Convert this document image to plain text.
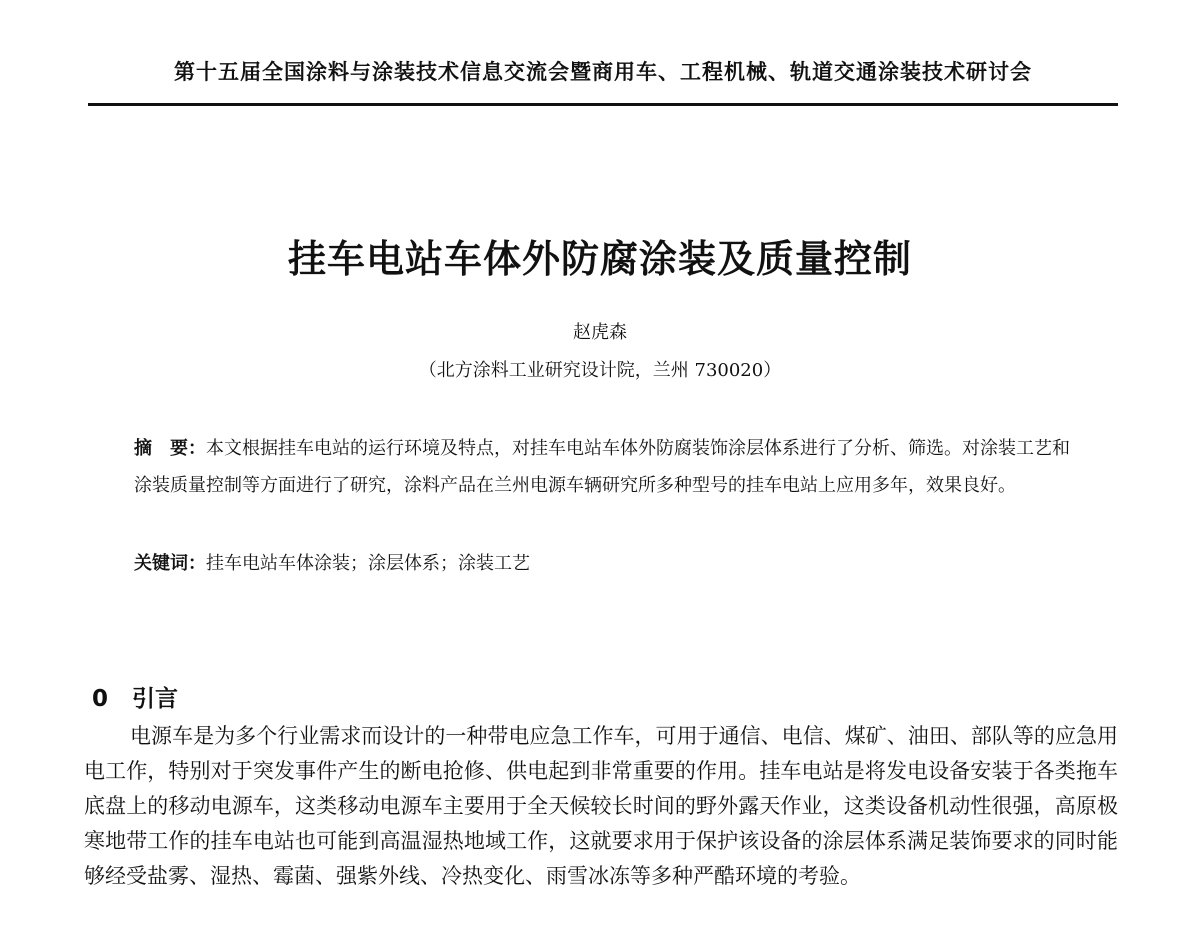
第十五届全国涂料与涂装技术信息交流会暨商用车、工程机械、轨道交通涂装技术研讨会
挂车电站车体外防腐涂装及质量控制
赵虎森
（北方涂料工业研究设计院，兰州 730020）
摘　要：本文根据挂车电站的运行环境及特点，对挂车电站车体外防腐装饰涂层体系进行了分析、筛选。对涂装工艺和涂装质量控制等方面进行了研究，涂料产品在兰州电源车辆研究所多种型号的挂车电站上应用多年，效果良好。
关键词：挂车电站车体涂装；涂层体系；涂装工艺
0 引言

电源车是为多个行业需求而设计的一种带电应急工作车，可用于通信、电信、煤矿、油田、部队等的应急用电工作，特别对于突发事件产生的断电抢修、供电起到非常重要的作用。挂车电站是将发电设备安装于各类拖车底盘上的移动电源车，这类移动电源车主要用于全天候较长时间的野外露天作业，这类设备机动性很强，高原极寒地带工作的挂车电站也可能到高温湿热地域工作，这就要求用于保护该设备的涂层体系满足装饰要求的同时能够经受盐雾、湿热、霉菌、强紫外线、冷热变化、雨雪冰冻等多种严酷环境的考验。
